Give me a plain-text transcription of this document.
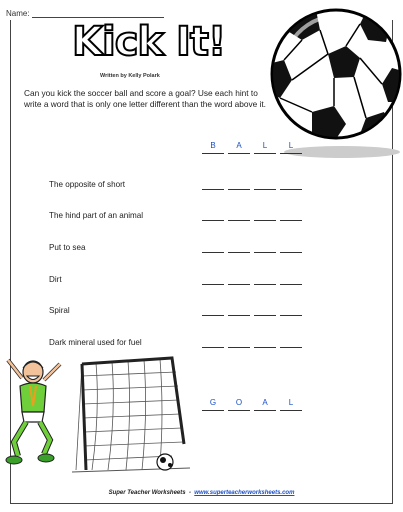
Name:
Kick It!
Written by Kelly Polark
Can you kick the soccer ball and score a goal? Use each hint to write a word that is only one letter different than the word above it.
B	A	L	L
The opposite of short
The hind part of an animal
Put to sea
Dirt
Spiral
Dark mineral used for fuel
G	O	A	L
Super Teacher Worksheets - www.superteacherworksheets.com
